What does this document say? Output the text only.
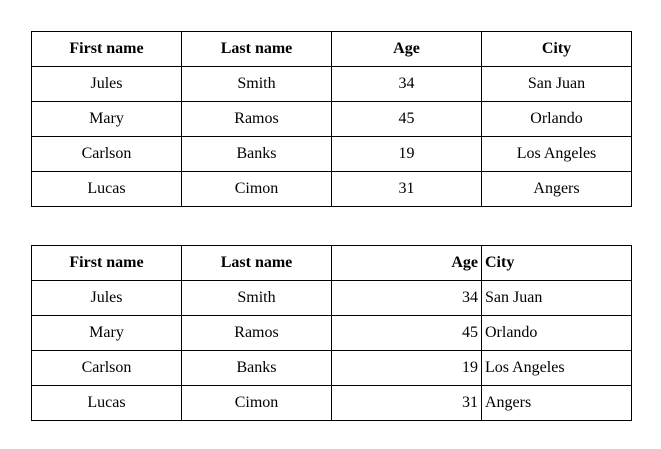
First name	Last name	Age	City
Jules	Smith	34	San Juan
Mary	Ramos	45	Orlando
Carlson	Banks	19	Los Angeles
Lucas	Cimon	31	Angers
First name	Last name	Age	City
Jules	Smith	34	San Juan
Mary	Ramos	45	Orlando
Carlson	Banks	19	Los Angeles
Lucas	Cimon	31	Angers
